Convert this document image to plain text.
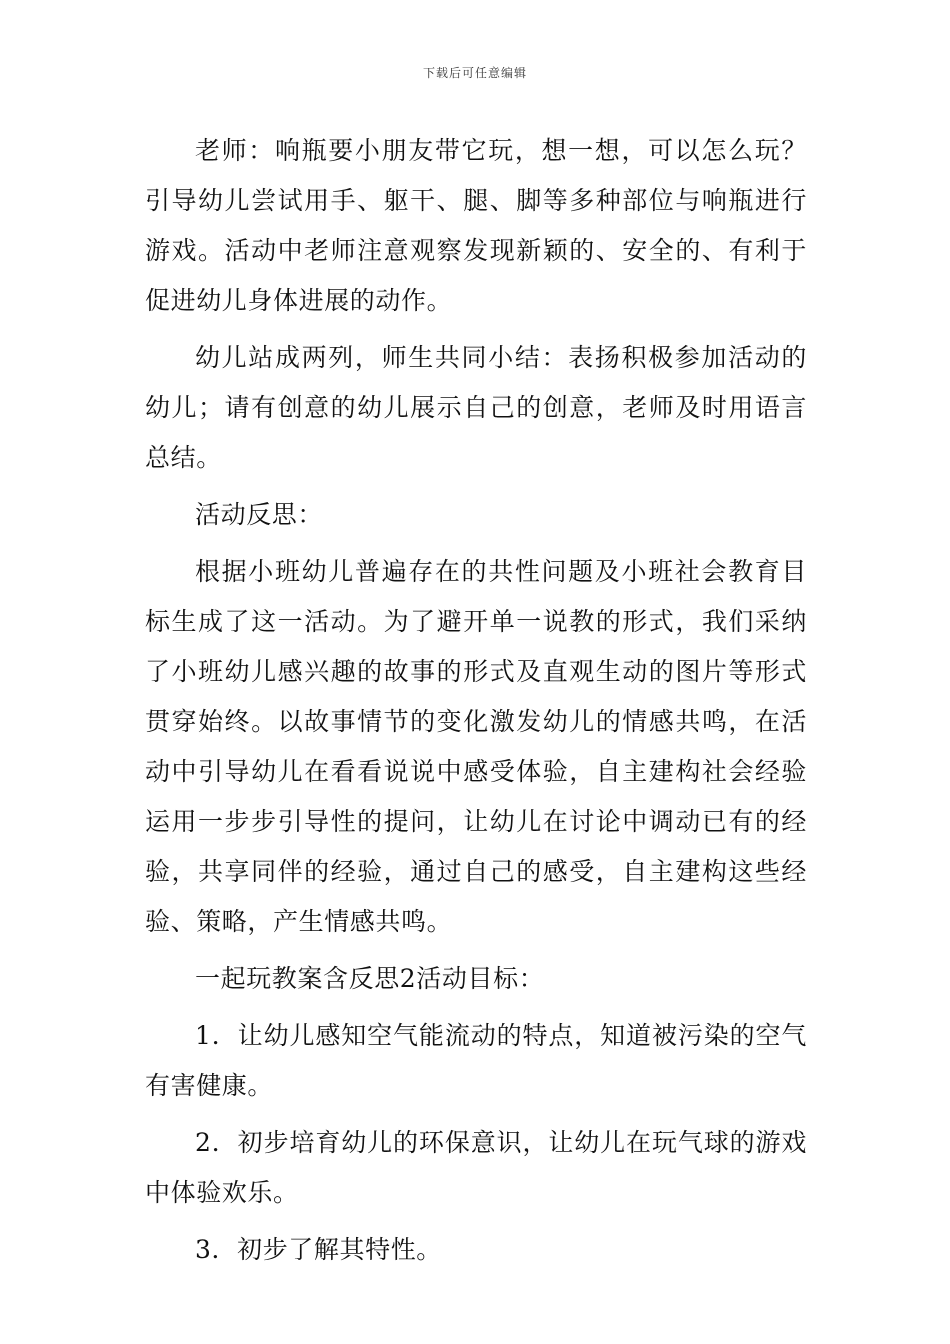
下载后可任意编辑

老师：响瓶要小朋友带它玩，想一想，可以怎么玩？引导幼儿尝试用手、躯干、腿、脚等多种部位与响瓶进行游戏。活动中老师注意观察发现新颖的、安全的、有利于促进幼儿身体进展的动作。

幼儿站成两列，师生共同小结：表扬积极参加活动的幼儿；请有创意的幼儿展示自己的创意，老师及时用语言总结。

活动反思：

根据小班幼儿普遍存在的共性问题及小班社会教育目标生成了这一活动。为了避开单一说教的形式，我们采纳了小班幼儿感兴趣的故事的形式及直观生动的图片等形式贯穿始终。以故事情节的变化激发幼儿的情感共鸣，在活动中引导幼儿在看看说说中感受体验，自主建构社会经验运用一步步引导性的提问，让幼儿在讨论中调动已有的经验，共享同伴的经验，通过自己的感受，自主建构这些经验、策略，产生情感共鸣。

一起玩教案含反思2活动目标：

1．让幼儿感知空气能流动的特点，知道被污染的空气有害健康。

2．初步培育幼儿的环保意识，让幼儿在玩气球的游戏中体验欢乐。

3．初步了解其特性。
